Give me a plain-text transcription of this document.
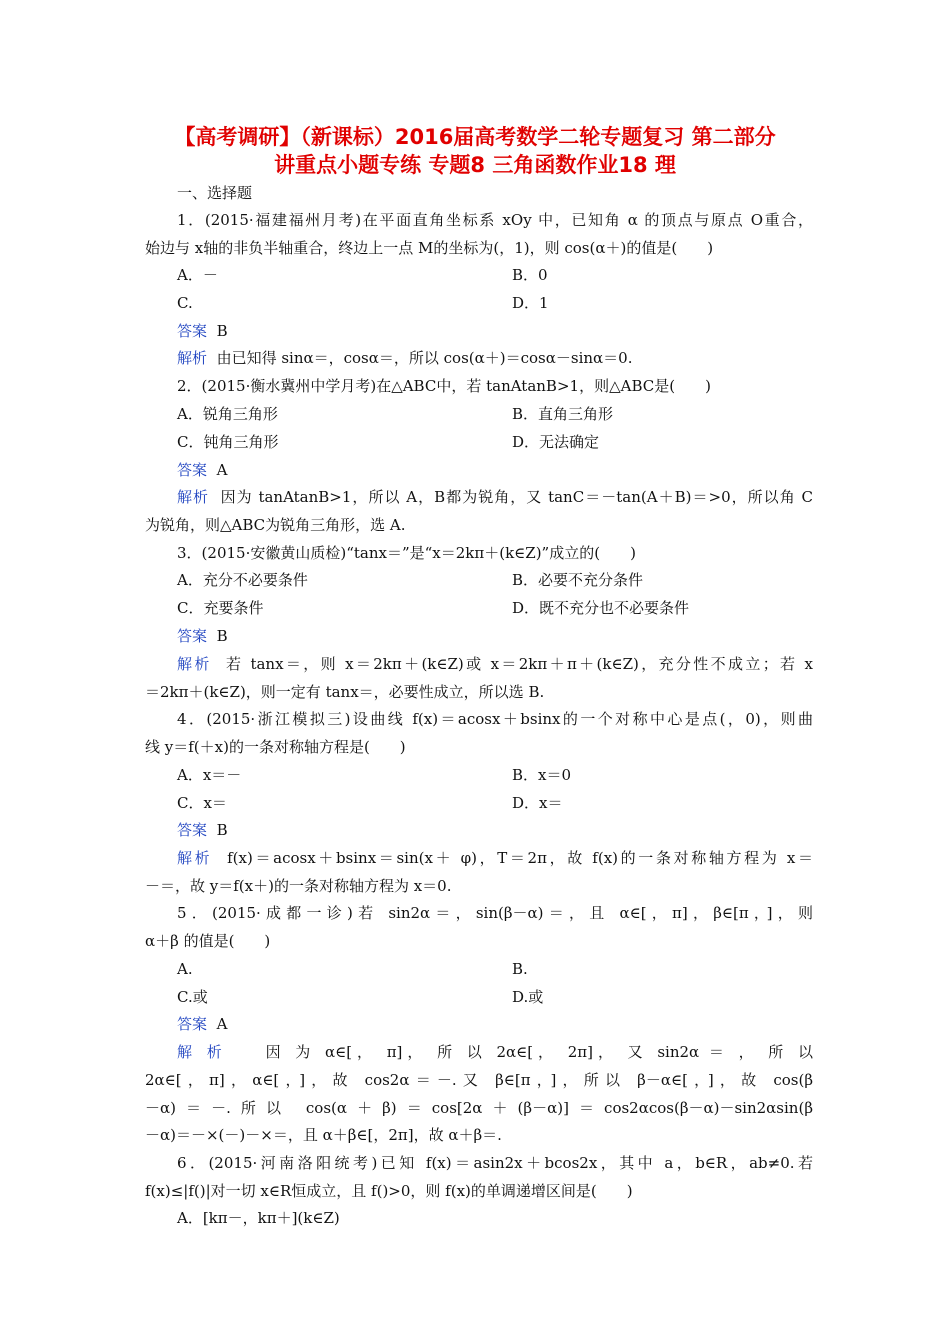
【高考调研】（新课标）2016届高考数学二轮专题复习 第二部分
讲重点小题专练 专题8 三角函数作业18 理
一、选择题
1．(2015·福建福州月考)在平面直角坐标系 xOy 中，已知角 α 的顶点与原点 O重合，
始边与 x轴的非负半轴重合，终边上一点 M的坐标为(，1)，则 cos(α＋)的值是(　　)
A．－	B．0
C.	D．1
答案 B
解析 由已知得 sinα＝，cosα＝，所以 cos(α＋)＝cosα－sinα＝0.
2．(2015·衡水冀州中学月考)在△ABC中，若 tanAtanB>1，则△ABC是(　　)
A．锐角三角形	B．直角三角形
C．钝角三角形	D．无法确定
答案 A
解析 因为 tanAtanB>1，所以 A，B都为锐角，又 tanC＝－tan(A＋B)＝>0，所以角 C
为锐角，则△ABC为锐角三角形，选 A.
3．(2015·安徽黄山质检)“tanx＝”是“x＝2kπ＋(k∈Z)”成立的(　　)
A．充分不必要条件	B．必要不充分条件
C．充要条件	D．既不充分也不必要条件
答案 B
解析 若 tanx＝，则 x＝2kπ＋(k∈Z)或 x＝2kπ＋π＋(k∈Z)，充分性不成立；若 x
＝2kπ＋(k∈Z)，则一定有 tanx＝，必要性成立，所以选 B.
4．(2015·浙江模拟三)设曲线 f(x)＝acosx＋bsinx的一个对称中心是点(，0)，则曲
线 y＝f(＋x)的一条对称轴方程是(　　)
A．x＝－	B．x＝0
C．x＝	D．x＝
答案 B
解析 f(x)＝acosx＋bsinx＝sin(x＋ φ)，T＝2π，故 f(x)的一条对称轴方程为 x＝
－＝，故 y＝f(x＋)的一条对称轴方程为 x＝0.
5．(2015·成都一诊)若 sin2α＝，sin(β－α)＝，且 α∈[，π]，β∈[π，]，则
α＋β 的值是(　　)
A.	B.
C.或	D.或
答案 A
解 析	因 为 α∈[， π]， 所 以 2α∈[， 2π]， 又 sin2α ＝ ， 所 以
2α∈[，π]，α∈[，]，故 cos2α＝－.又 β∈[π，]，所以 β－α∈[，]，故 cos(β
－α)＝－.所以 cos(α＋β)＝cos[2α＋(β－α)]＝cos2αcos(β－α)－sin2αsin(β
－α)＝－×(－)－×＝，且 α＋β∈[，2π]，故 α＋β＝.
6．(2015·河南洛阳统考)已知 f(x)＝asin2x＋bcos2x，其中 a，b∈R，ab≠0.若
f(x)≤|f()|对一切 x∈R恒成立，且 f()>0，则 f(x)的单调递增区间是(　　)
A．[kπ－，kπ＋](k∈Z)
